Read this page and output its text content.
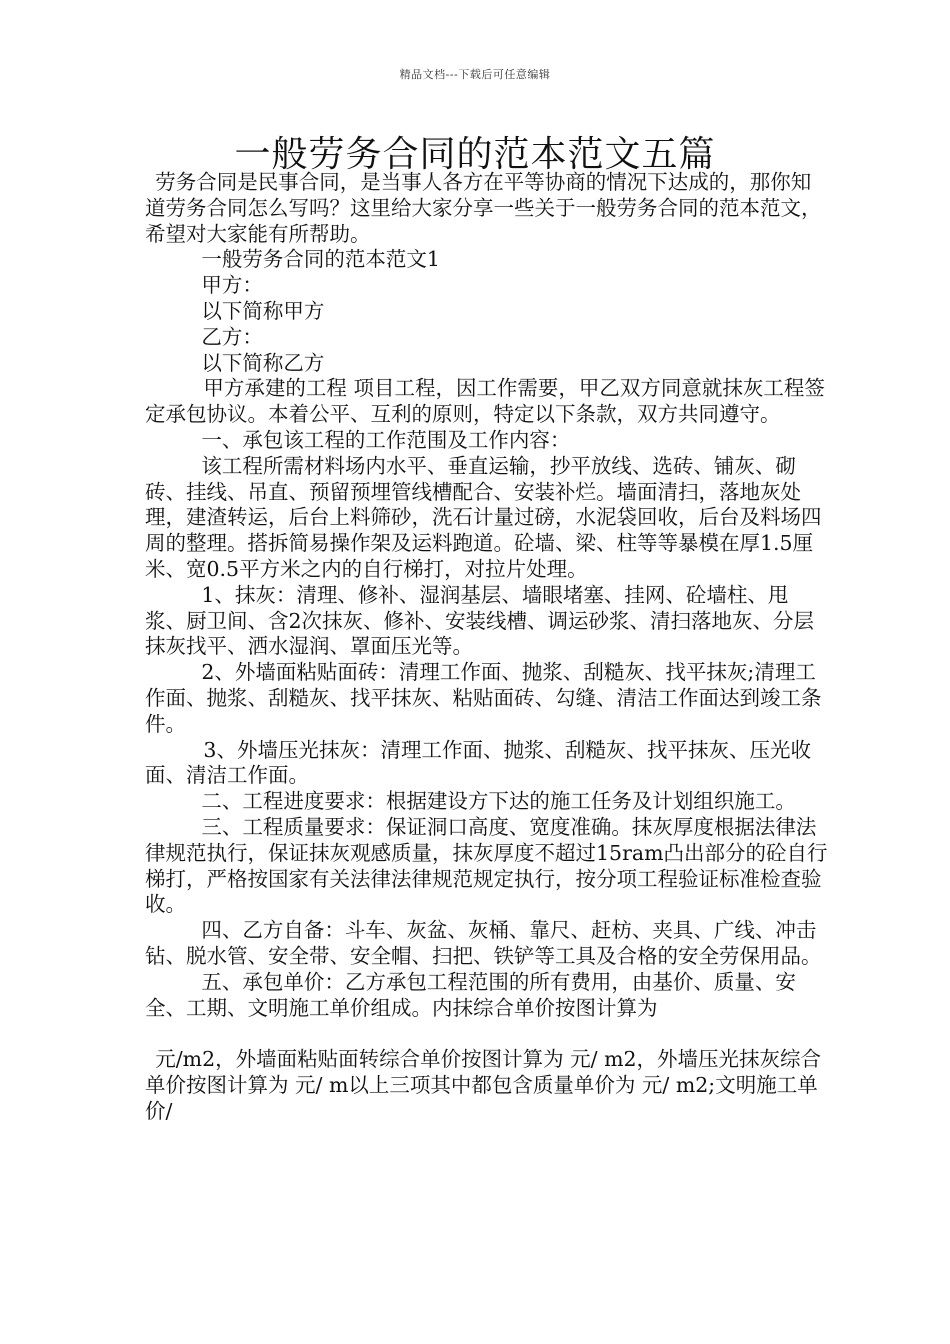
精品文档---下载后可任意编辑
一般劳务合同的范本范文五篇

劳务合同是民事合同，是当事人各方在平等协商的情况下达成的，那你知道劳务合同怎么写吗？这里给大家分享一些关于一般劳务合同的范本范文，希望对大家能有所帮助。

一般劳务合同的范本范文1

甲方：

以下简称甲方

乙方：

以下简称乙方

甲方承建的工程 项目工程，因工作需要，甲乙双方同意就抹灰工程签定承包协议。本着公平、互利的原则，特定以下条款，双方共同遵守。

一、承包该工程的工作范围及工作内容：

该工程所需材料场内水平、垂直运输，抄平放线、选砖、铺灰、砌砖、挂线、吊直、预留预埋管线槽配合、安装补烂。墙面清扫，落地灰处理，建渣转运，后台上料筛砂，洗石计量过磅，水泥袋回收，后台及料场四周的整理。搭拆简易操作架及运料跑道。砼墙、梁、柱等等暴模在厚1.5厘米、宽0.5平方米之内的自行梯打，对拉片处理。

1、抹灰：清理、修补、湿润基层、墙眼堵塞、挂网、砼墙柱、甩浆、厨卫间、含2次抹灰、修补、安装线槽、调运砂浆、清扫落地灰、分层抹灰找平、洒水湿润、罩面压光等。

2、外墙面粘贴面砖：清理工作面、抛浆、刮糙灰、找平抹灰;清理工作面、抛浆、刮糙灰、找平抹灰、粘贴面砖、勾缝、清洁工作面达到竣工条件。

3、外墙压光抹灰：清理工作面、抛浆、刮糙灰、找平抹灰、压光收面、清洁工作面。

二、工程进度要求：根据建设方下达的施工任务及计划组织施工。

三、工程质量要求：保证洞口高度、宽度准确。抹灰厚度根据法律法律规范执行，保证抹灰观感质量，抹灰厚度不超过15ram凸出部分的砼自行梯打，严格按国家有关法律法律规范规定执行，按分项工程验证标准检查验收。

四、乙方自备：斗车、灰盆、灰桶、靠尺、赶枋、夹具、广线、冲击钻、脱水管、安全带、安全帽、扫把、铁铲等工具及合格的安全劳保用品。

五、承包单价：乙方承包工程范围的所有费用，由基价、质量、安全、工期、文明施工单价组成。内抹综合单价按图计算为

元/m2，外墙面粘贴面转综合单价按图计算为 元/ m2，外墙压光抹灰综合单价按图计算为 元/ m以上三项其中都包含质量单价为 元/ m2;文明施工单价/
